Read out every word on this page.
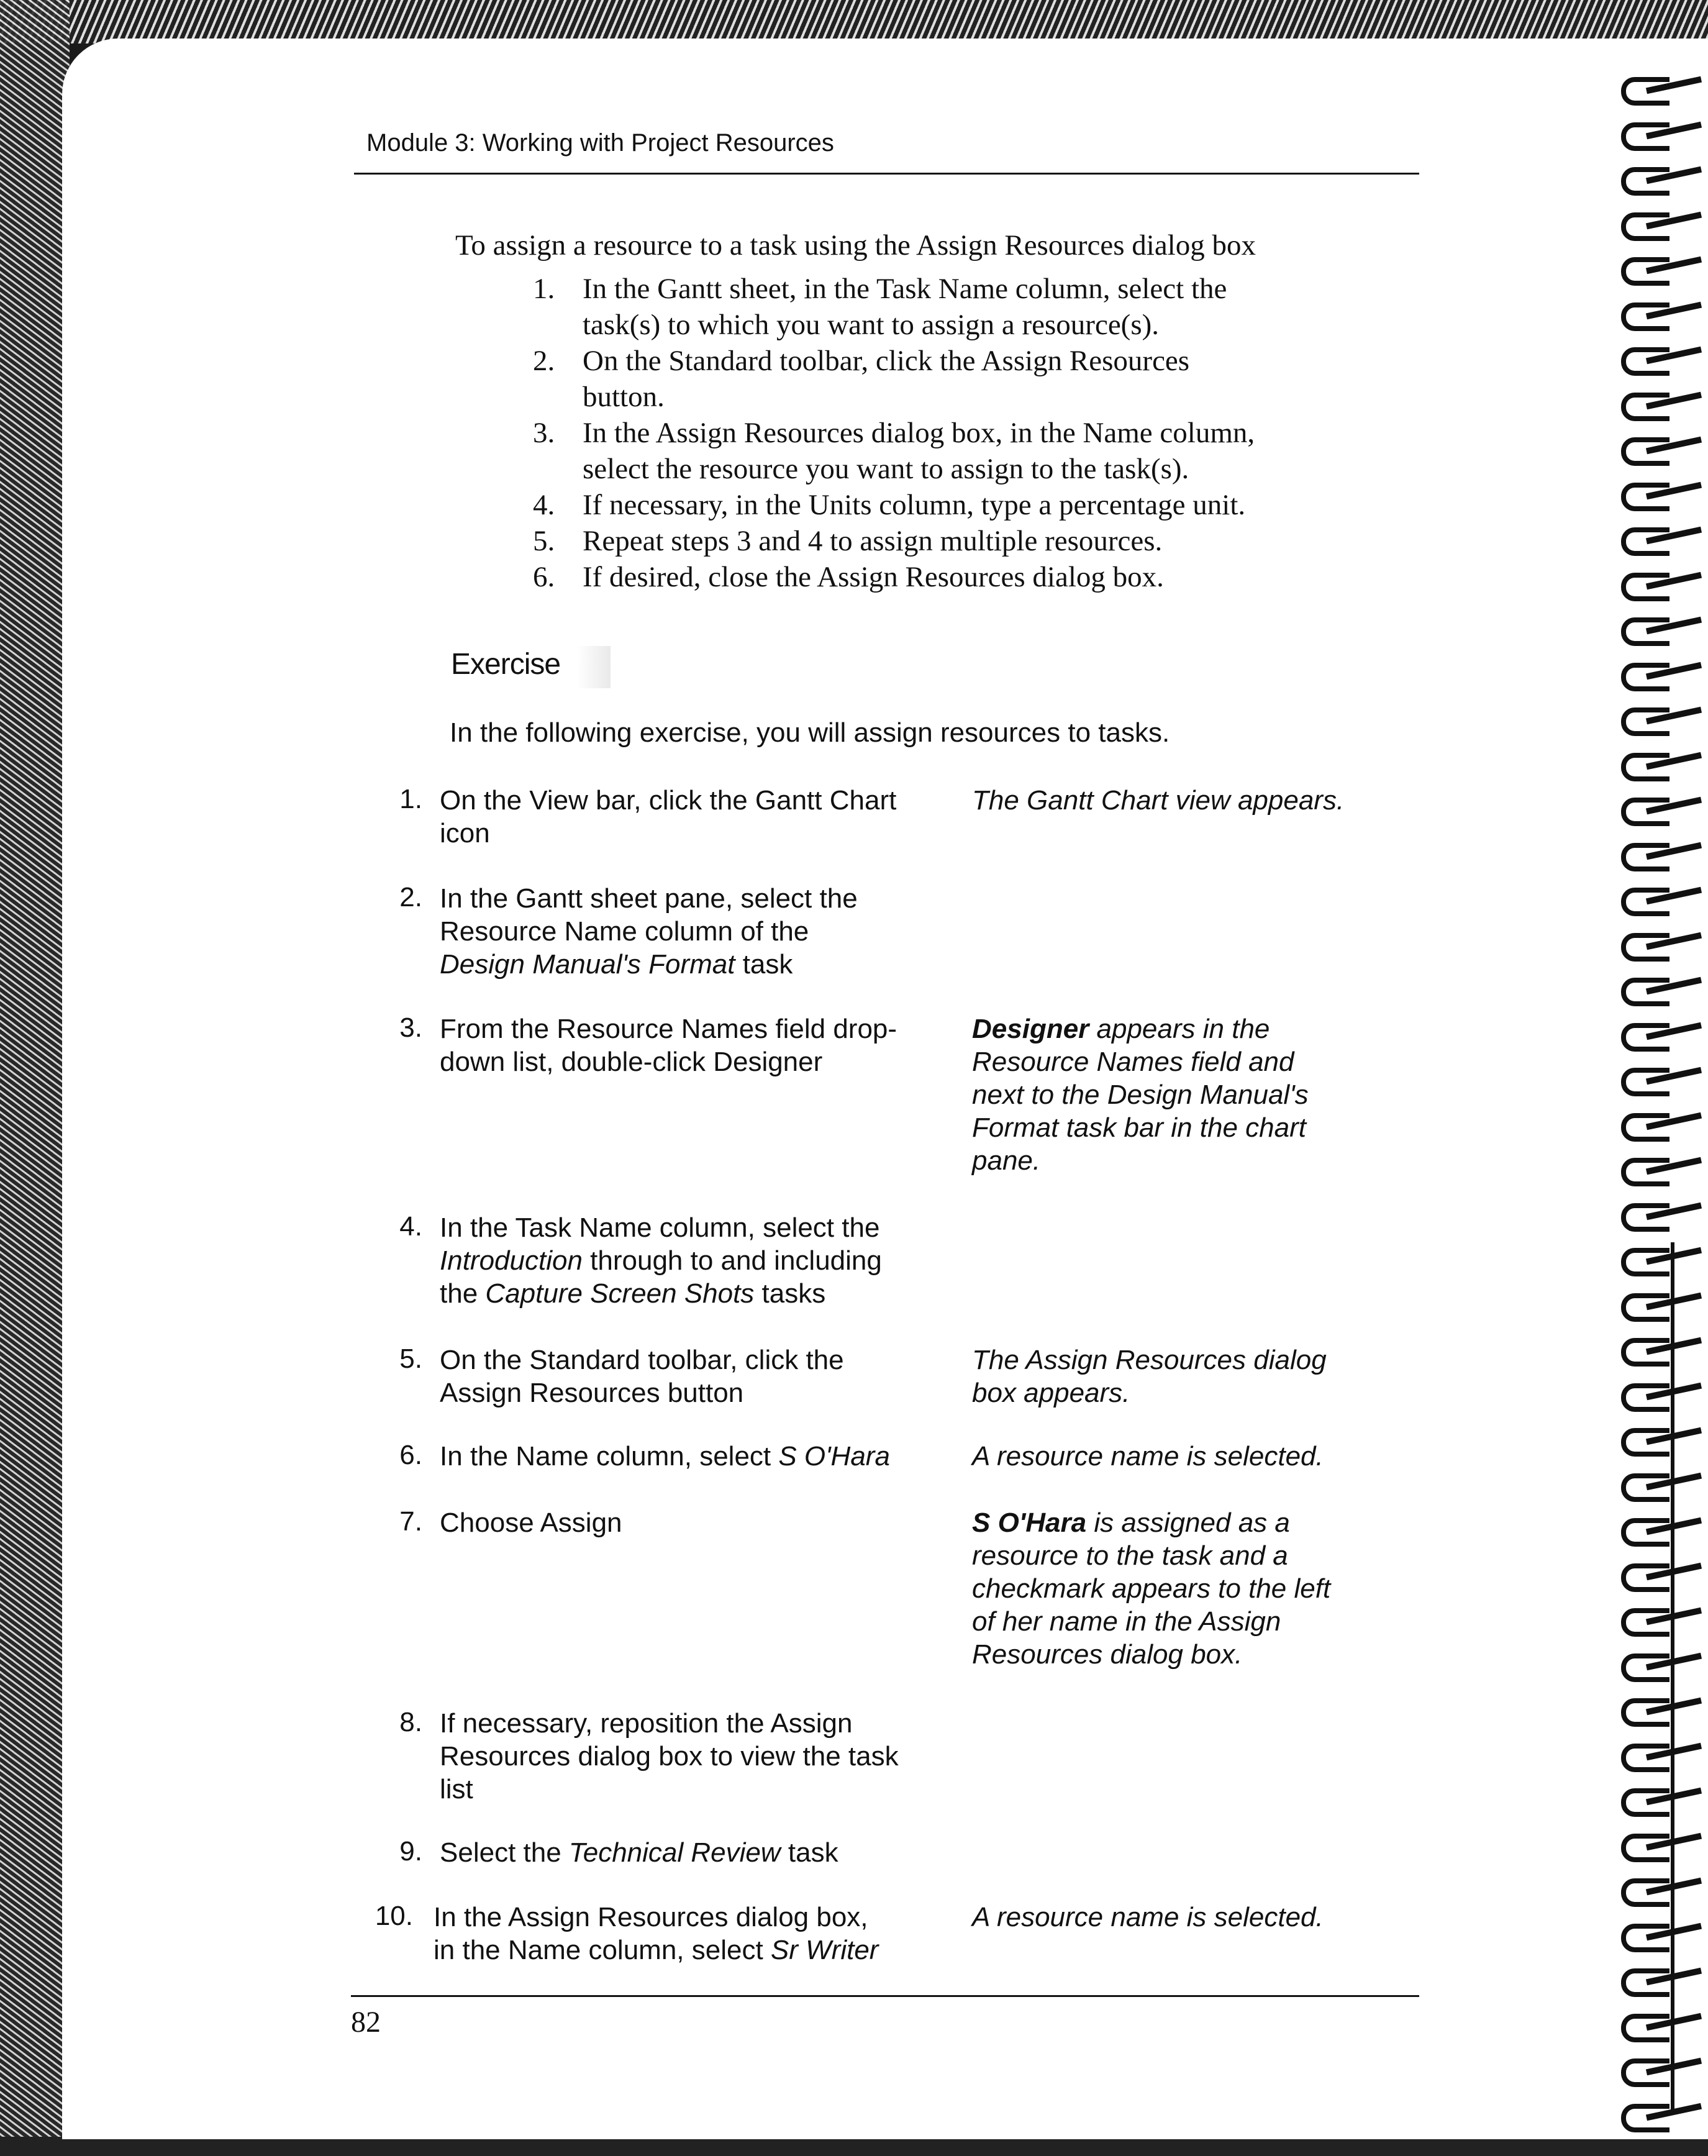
Module 3: Working with Project Resources
To assign a resource to a task using the Assign Resources dialog box
1. In the Gantt sheet, in the Task Name column, select the
task(s) to which you want to assign a resource(s).
2. On the Standard toolbar, click the Assign Resources
button.
3. In the Assign Resources dialog box, in the Name column,
select the resource you want to assign to the task(s).
4. If necessary, in the Units column, type a percentage unit.
5. Repeat steps 3 and 4 to assign multiple resources.
6. If desired, close the Assign Resources dialog box.
Exercise
In the following exercise, you will assign resources to tasks.
1. On the View bar, click the Gantt Chart
icon
The Gantt Chart view appears.
2. In the Gantt sheet pane, select the
Resource Name column of the
Design Manual's Format task
3. From the Resource Names field drop-
down list, double-click Designer
Designer appears in the
Resource Names field and
next to the Design Manual's
Format task bar in the chart
pane.
4. In the Task Name column, select the
Introduction through to and including
the Capture Screen Shots tasks
5. On the Standard toolbar, click the
Assign Resources button
The Assign Resources dialog
box appears.
6. In the Name column, select S O'Hara	A resource name is selected.
7. Choose Assign	S O'Hara is assigned as a
resource to the task and a
checkmark appears to the left
of her name in the Assign
Resources dialog box.
8. If necessary, reposition the Assign
Resources dialog box to view the task
list
9. Select the Technical Review task
10. In the Assign Resources dialog box,
in the Name column, select Sr Writer
A resource name is selected.
82
